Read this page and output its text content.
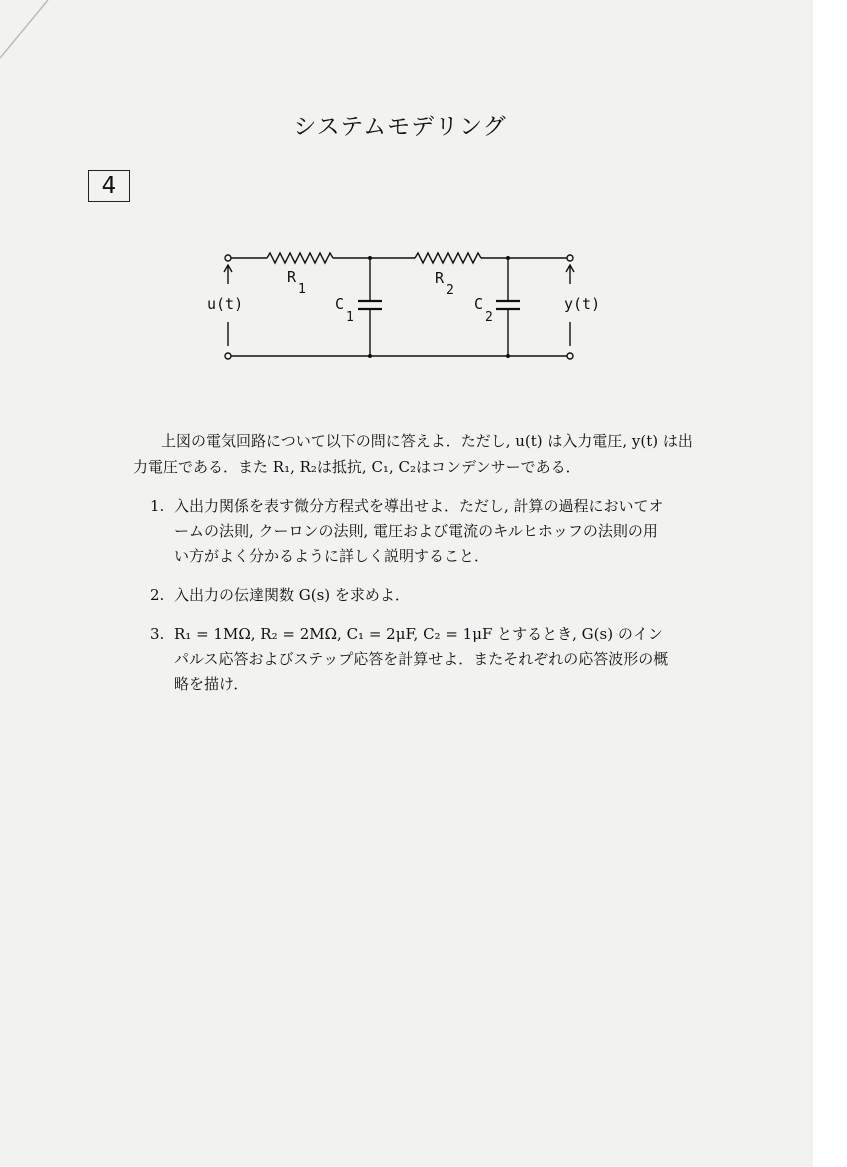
システムモデリング
4
u(t)	y(t)
R
1
R
2
C
1
C
2

上図の電気回路について以下の問に答えよ．ただし, u(t) は入力電圧, y(t) は出力電圧である．また R₁, R₂は抵抗, C₁, C₂はコンデンサーである．

1. 入出力関係を表す微分方程式を導出せよ．ただし, 計算の過程においてオームの法則, クーロンの法則, 電圧および電流のキルヒホッフの法則の用い方がよく分かるように詳しく説明すること．
2. 入出力の伝達関数 G(s) を求めよ．
3. R₁ = 1MΩ, R₂ = 2MΩ, C₁ = 2μF, C₂ = 1μF とするとき, G(s) のインパルス応答およびステップ応答を計算せよ．またそれぞれの応答波形の概略を描け．
